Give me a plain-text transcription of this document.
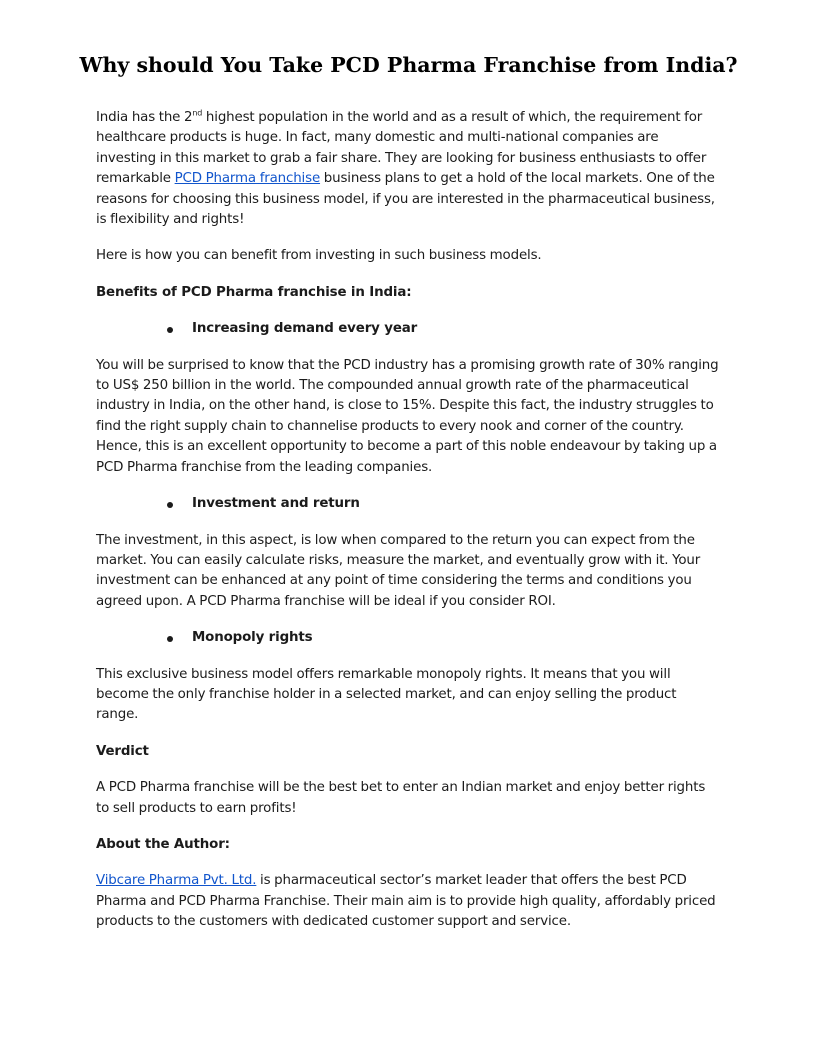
Why should You Take PCD Pharma Franchise from India?

India has the 2nd highest population in the world and as a result of which, the requirement for healthcare products is huge. In fact, many domestic and multi-national companies are investing in this market to grab a fair share. They are looking for business enthusiasts to offer remarkable PCD Pharma franchise business plans to get a hold of the local markets. One of the reasons for choosing this business model, if you are interested in the pharmaceutical business, is flexibility and rights!

Here is how you can benefit from investing in such business models.

Benefits of PCD Pharma franchise in India:

Increasing demand every year

You will be surprised to know that the PCD industry has a promising growth rate of 30% ranging to US$ 250 billion in the world. The compounded annual growth rate of the pharmaceutical industry in India, on the other hand, is close to 15%. Despite this fact, the industry struggles to find the right supply chain to channelise products to every nook and corner of the country. Hence, this is an excellent opportunity to become a part of this noble endeavour by taking up a PCD Pharma franchise from the leading companies.

Investment and return

The investment, in this aspect, is low when compared to the return you can expect from the market. You can easily calculate risks, measure the market, and eventually grow with it. Your investment can be enhanced at any point of time considering the terms and conditions you agreed upon. A PCD Pharma franchise will be ideal if you consider ROI.

Monopoly rights

This exclusive business model offers remarkable monopoly rights. It means that you will become the only franchise holder in a selected market, and can enjoy selling the product range.

Verdict

A PCD Pharma franchise will be the best bet to enter an Indian market and enjoy better rights to sell products to earn profits!

About the Author:

Vibcare Pharma Pvt. Ltd. is pharmaceutical sector’s market leader that offers the best PCD Pharma and PCD Pharma Franchise. Their main aim is to provide high quality, affordably priced products to the customers with dedicated customer support and service.
